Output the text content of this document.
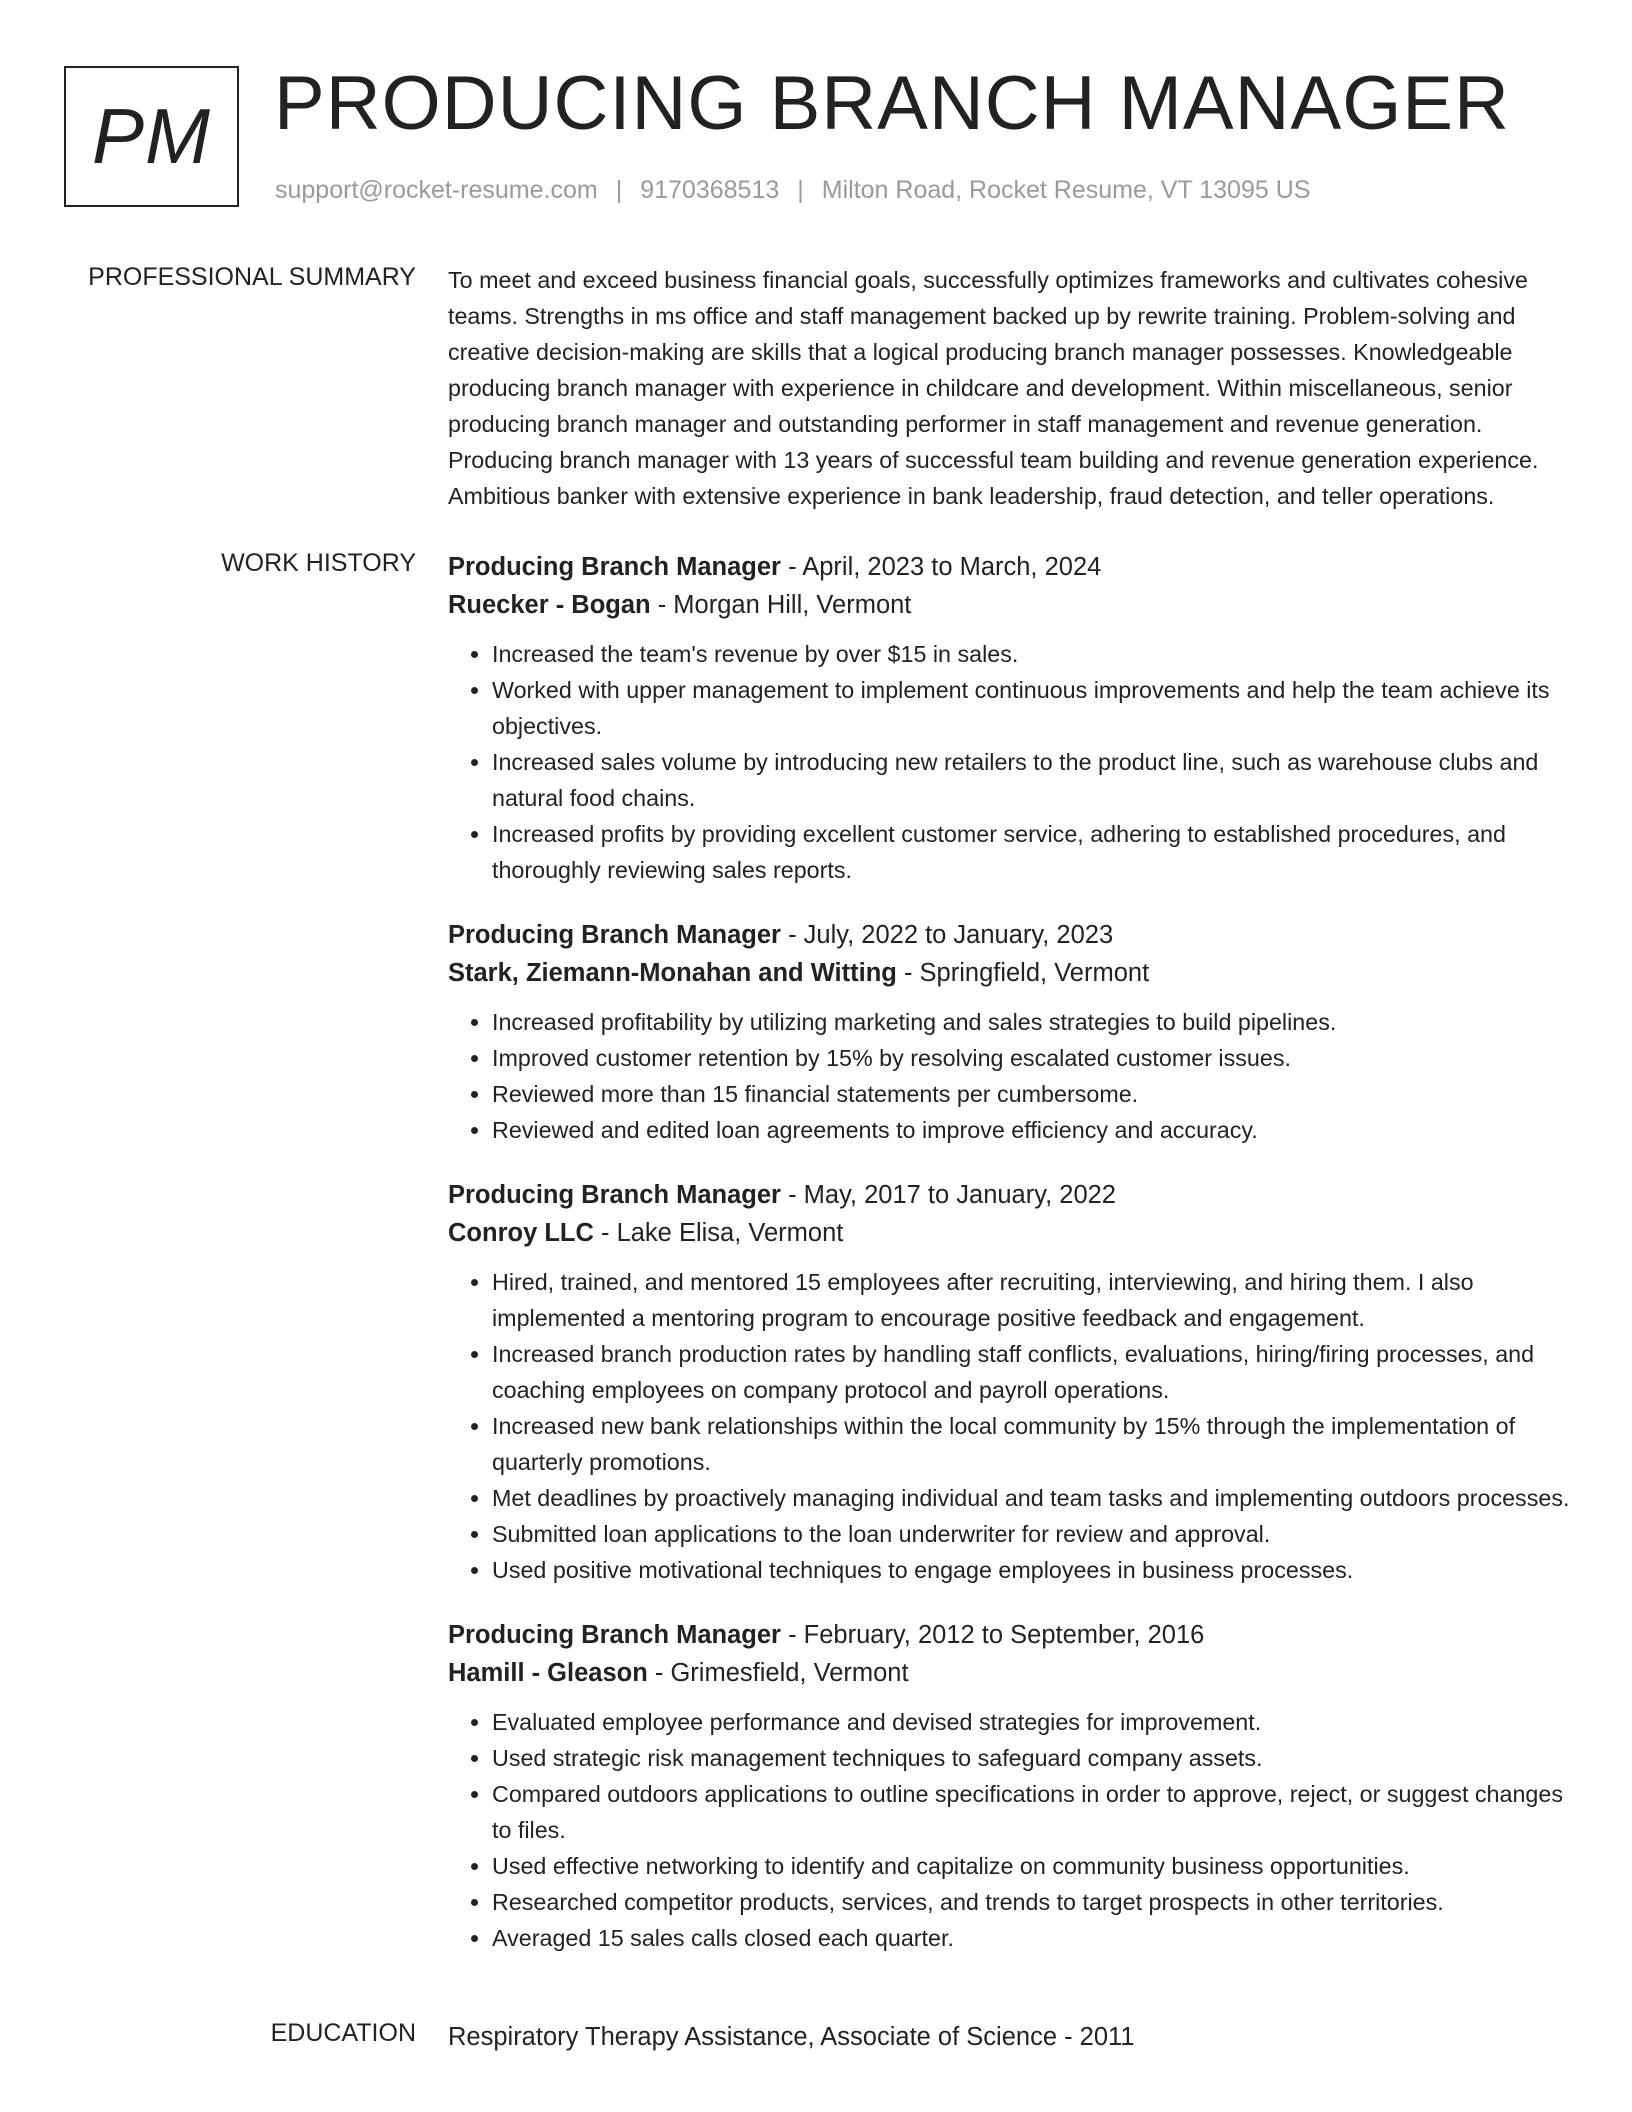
PM PRODUCING BRANCH MANAGER
support@rocket-resume.com | 9170368513 | Milton Road, Rocket Resume, VT 13095 US
PROFESSIONAL SUMMARY To meet and exceed business financial goals, successfully optimizes frameworks and cultivates cohesive teams. Strengths in ms office and staff management backed up by rewrite training. Problem-solving and creative decision-making are skills that a logical producing branch manager possesses. Knowledgeable producing branch manager with experience in childcare and development. Within miscellaneous, senior producing branch manager and outstanding performer in staff management and revenue generation. Producing branch manager with 13 years of successful team building and revenue generation experience. Ambitious banker with extensive experience in bank leadership, fraud detection, and teller operations.
WORK HISTORY Producing Branch Manager - April, 2023 to March, 2024
Ruecker - Bogan - Morgan Hill, Vermont
• Increased the team's revenue by over $15 in sales.
• Worked with upper management to implement continuous improvements and help the team achieve its objectives.
• Increased sales volume by introducing new retailers to the product line, such as warehouse clubs and natural food chains.
• Increased profits by providing excellent customer service, adhering to established procedures, and thoroughly reviewing sales reports.
Producing Branch Manager - July, 2022 to January, 2023
Stark, Ziemann-Monahan and Witting - Springfield, Vermont
• Increased profitability by utilizing marketing and sales strategies to build pipelines.
• Improved customer retention by 15% by resolving escalated customer issues.
• Reviewed more than 15 financial statements per cumbersome.
• Reviewed and edited loan agreements to improve efficiency and accuracy.
Producing Branch Manager - May, 2017 to January, 2022
Conroy LLC - Lake Elisa, Vermont
• Hired, trained, and mentored 15 employees after recruiting, interviewing, and hiring them. I also implemented a mentoring program to encourage positive feedback and engagement.
• Increased branch production rates by handling staff conflicts, evaluations, hiring/firing processes, and coaching employees on company protocol and payroll operations.
• Increased new bank relationships within the local community by 15% through the implementation of quarterly promotions.
• Met deadlines by proactively managing individual and team tasks and implementing outdoors processes.
• Submitted loan applications to the loan underwriter for review and approval.
• Used positive motivational techniques to engage employees in business processes.
Producing Branch Manager - February, 2012 to September, 2016
Hamill - Gleason - Grimesfield, Vermont
• Evaluated employee performance and devised strategies for improvement.
• Used strategic risk management techniques to safeguard company assets.
• Compared outdoors applications to outline specifications in order to approve, reject, or suggest changes to files.
• Used effective networking to identify and capitalize on community business opportunities.
• Researched competitor products, services, and trends to target prospects in other territories.
• Averaged 15 sales calls closed each quarter.
EDUCATION Respiratory Therapy Assistance, Associate of Science - 2011
